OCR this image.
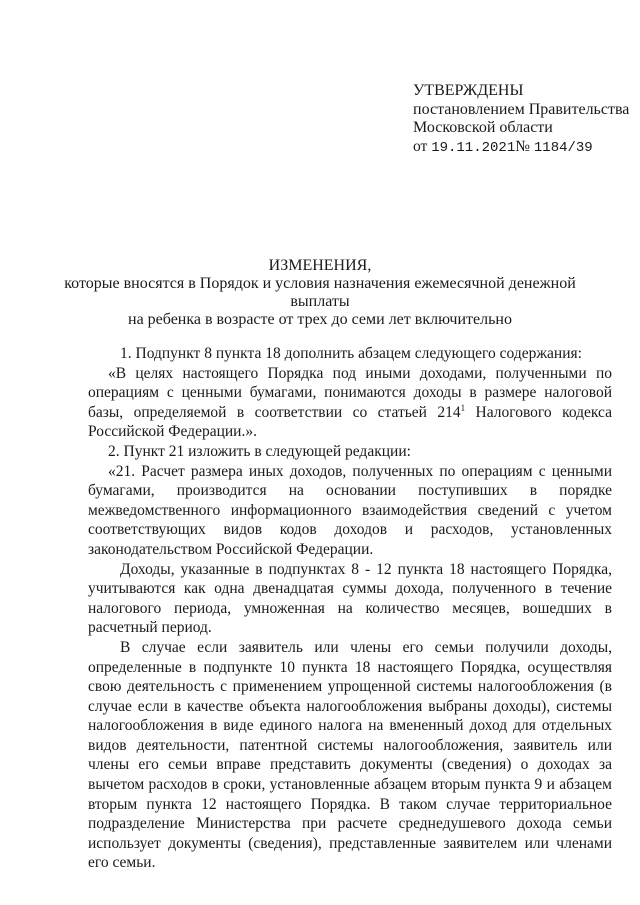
УТВЕРЖДЕНЫ
постановлением Правительства
Московской области
от 19.11.2021№ 1184/39
ИЗМЕНЕНИЯ,
которые вносятся в Порядок и условия назначения ежемесячной денежной выплаты
на ребенка в возрасте от трех до семи лет включительно

1. Подпункт 8 пункта 18 дополнить абзацем следующего содержания:

«В целях настоящего Порядка под иными доходами, полученными по операциям с ценными бумагами, понимаются доходы в размере налоговой базы, определяемой в соответствии со статьей $214^1$ Налогового кодекса Российской Федерации.».

2. Пункт 21 изложить в следующей редакции:

«21. Расчет размера иных доходов, полученных по операциям с ценными бумагами, производится на основании поступивших в порядке межведомственного информационного взаимодействия сведений с учетом соответствующих видов кодов доходов и расходов, установленных законодательством Российской Федерации.

Доходы, указанные в подпунктах 8 - 12 пункта 18 настоящего Порядка, учитываются как одна двенадцатая суммы дохода, полученного в течение налогового периода, умноженная на количество месяцев, вошедших в расчетный период.

В случае если заявитель или члены его семьи получили доходы, определенные в подпункте 10 пункта 18 настоящего Порядка, осуществляя свою деятельность с применением упрощенной системы налогообложения (в случае если в качестве объекта налогообложения выбраны доходы), системы налогообложения в виде единого налога на вмененный доход для отдельных видов деятельности, патентной системы налогообложения, заявитель или члены его семьи вправе представить документы (сведения) о доходах за вычетом расходов в сроки, установленные абзацем вторым пункта 9 и абзацем вторым пункта 12 настоящего Порядка. В таком случае территориальное подразделение Министерства при расчете среднедушевого дохода семьи использует документы (сведения), представленные заявителем или членами его семьи.
